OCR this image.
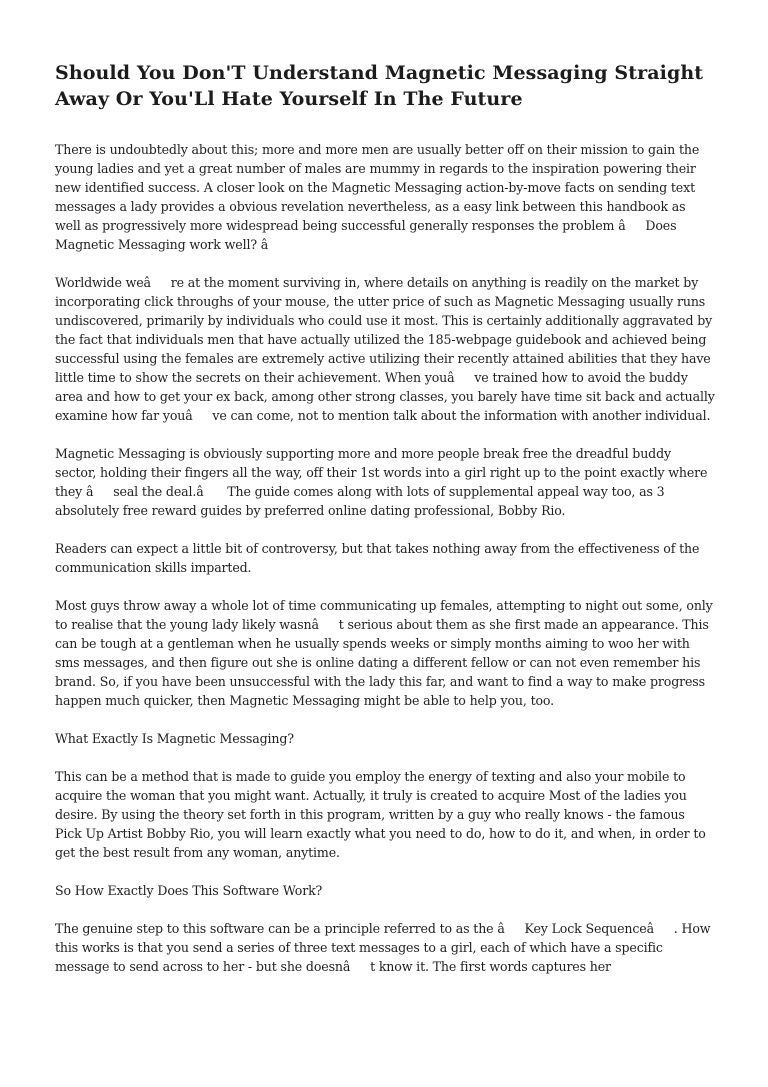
Should You Don'T Understand Magnetic Messaging Straight Away Or You'Ll Hate Yourself In The Future

There is undoubtedly about this; more and more men are usually better off on their mission to gain the young ladies and yet a great number of males are mummy in regards to the inspiration powering their new identified success. A closer look on the Magnetic Messaging action-by-move facts on sending text messages a lady provides a obvious revelation nevertheless, as a easy link between this handbook as well as progressively more widespread being successful generally responses the problem âDoes Magnetic Messaging work well? â

Worldwide weâre at the moment surviving in, where details on anything is readily on the market by incorporating click throughs of your mouse, the utter price of such as Magnetic Messaging usually runs undiscovered, primarily by individuals who could use it most. This is certainly additionally aggravated by the fact that individuals men that have actually utilized the 185-webpage guidebook and achieved being successful using the females are extremely active utilizing their recently attained abilities that they have little time to show the secrets on their achievement. When youâve trained how to avoid the buddy area and how to get your ex back, among other strong classes, you barely have time sit back and actually examine how far youâve can come, not to mention talk about the information with another individual.

Magnetic Messaging is obviously supporting more and more people break free the dreadful buddy sector, holding their fingers all the way, off their 1st words into a girl right up to the point exactly where they âseal the deal.â The guide comes along with lots of supplemental appeal way too, as 3 absolutely free reward guides by preferred online dating professional, Bobby Rio.

Readers can expect a little bit of controversy, but that takes nothing away from the effectiveness of the communication skills imparted.

Most guys throw away a whole lot of time communicating up females, attempting to night out some, only to realise that the young lady likely wasnât serious about them as she first made an appearance. This can be tough at a gentleman when he usually spends weeks or simply months aiming to woo her with sms messages, and then figure out she is online dating a different fellow or can not even remember his brand. So, if you have been unsuccessful with the lady this far, and want to find a way to make progress happen much quicker, then Magnetic Messaging might be able to help you, too.

What Exactly Is Magnetic Messaging?

This can be a method that is made to guide you employ the energy of texting and also your mobile to acquire the woman that you might want. Actually, it truly is created to acquire Most of the ladies you desire. By using the theory set forth in this program, written by a guy who really knows - the famous Pick Up Artist Bobby Rio, you will learn exactly what you need to do, how to do it, and when, in order to get the best result from any woman, anytime.

So How Exactly Does This Software Work?

The genuine step to this software can be a principle referred to as the âKey Lock Sequenceâ. How this works is that you send a series of three text messages to a girl, each of which have a specific message to send across to her - but she doesnât know it. The first words captures her
